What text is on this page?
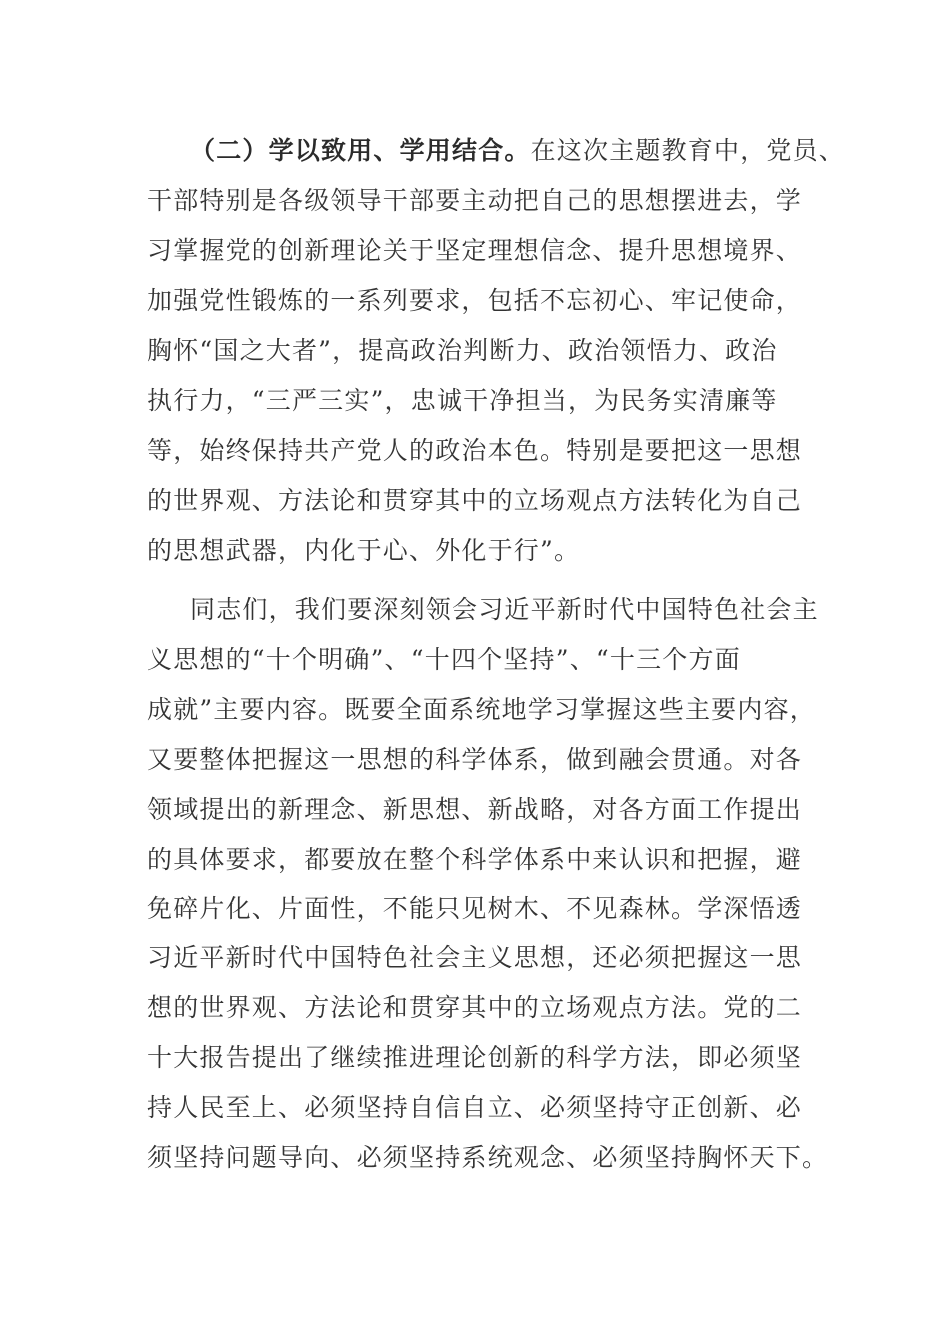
（二）学以致用、学用结合。在这次主题教育中，党员、

干部特别是各级领导干部要主动把自己的思想摆进去，学

习掌握党的创新理论关于坚定理想信念、提升思想境界、

加强党性锻炼的一系列要求，包括不忘初心、牢记使命，

胸怀“国之大者”，提高政治判断力、政治领悟力、政治

执行力，“三严三实”，忠诚干净担当，为民务实清廉等

等，始终保持共产党人的政治本色。特别是要把这一思想

的世界观、方法论和贯穿其中的立场观点方法转化为自己

的思想武器，内化于心、外化于行”。

同志们，我们要深刻领会习近平新时代中国特色社会主

义思想的“十个明确”、“十四个坚持”、“十三个方面

成就”主要内容。既要全面系统地学习掌握这些主要内容，

又要整体把握这一思想的科学体系，做到融会贯通。对各

领域提出的新理念、新思想、新战略，对各方面工作提出

的具体要求，都要放在整个科学体系中来认识和把握，避

免碎片化、片面性，不能只见树木、不见森林。学深悟透

习近平新时代中国特色社会主义思想，还必须把握这一思

想的世界观、方法论和贯穿其中的立场观点方法。党的二

十大报告提出了继续推进理论创新的科学方法，即必须坚

持人民至上、必须坚持自信自立、必须坚持守正创新、必

须坚持问题导向、必须坚持系统观念、必须坚持胸怀天下。
